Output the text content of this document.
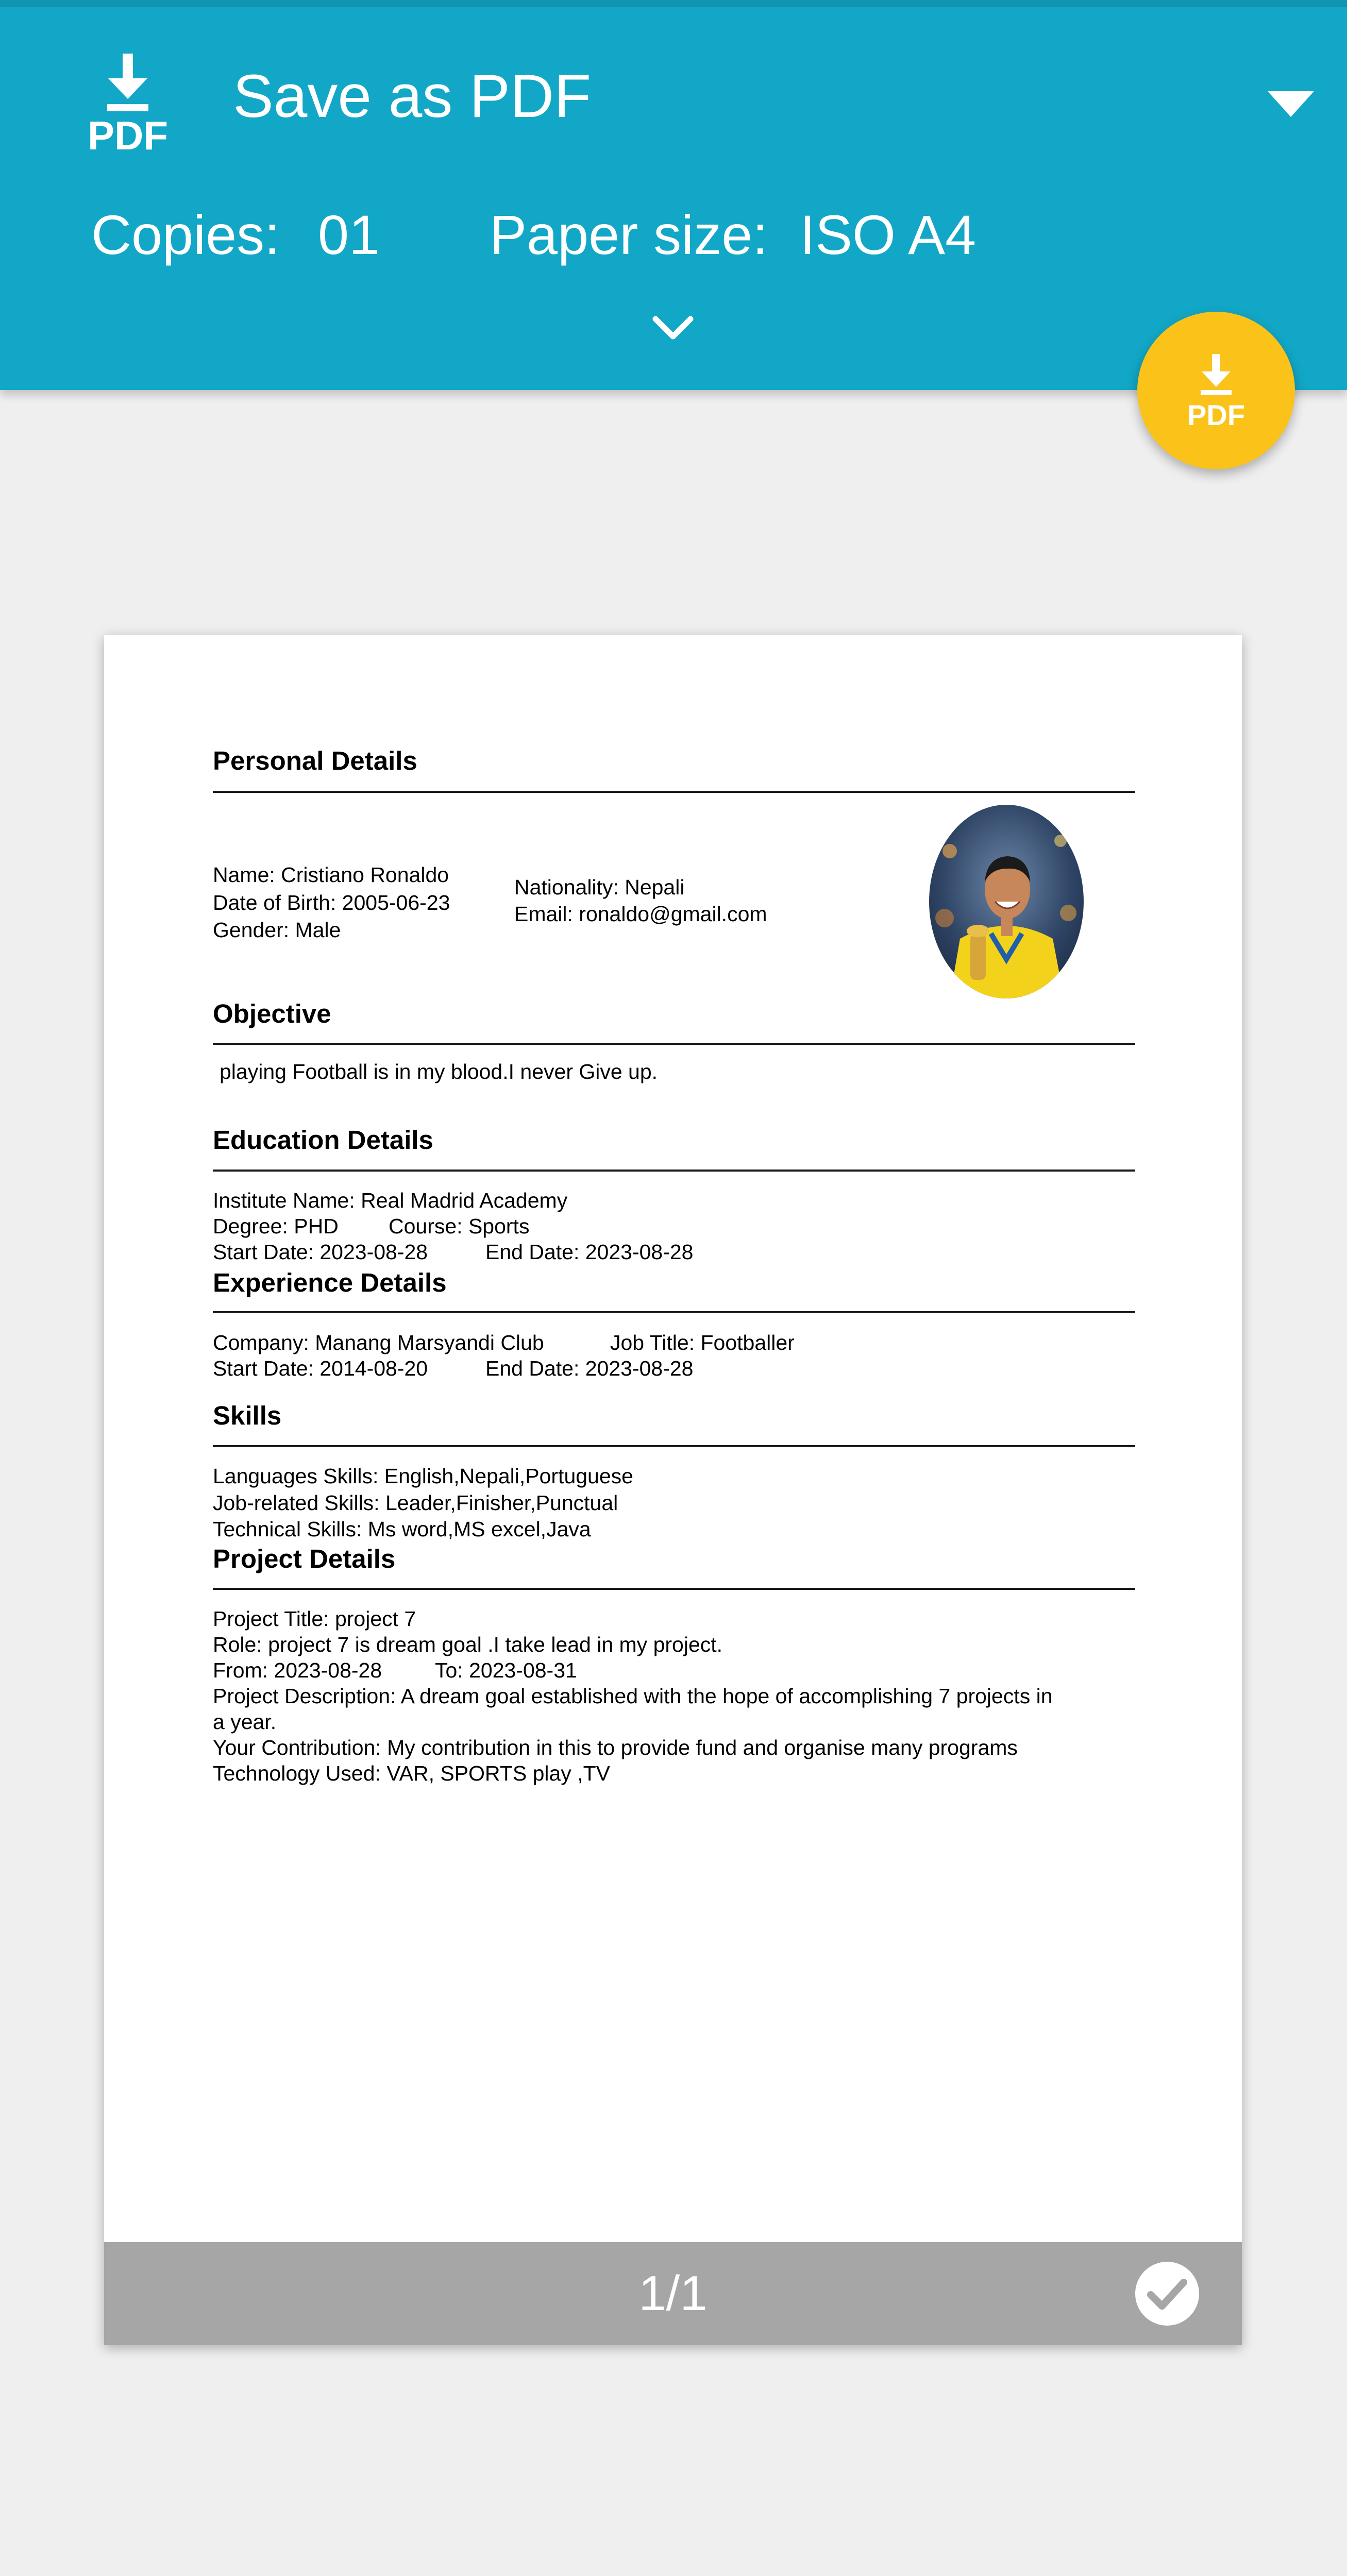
PDF
Save as PDF
Copies: 01 Paper size: ISO A4
PDF
Personal Details
Name: Cristiano Ronaldo
Date of Birth: 2005-06-23
Gender: Male
Nationality: Nepali
Email: ronaldo@gmail.com
Objective
playing Football is in my blood.I never Give up.
Education Details
Institute Name: Real Madrid Academy
Degree: PHD Course: Sports
Start Date: 2023-08-28	End Date: 2023-08-28
Experience Details
Company: Manang Marsyandi Club	Job Title: Footballer
Start Date: 2014-08-20	End Date: 2023-08-28
Skills
Languages Skills: English,Nepali,Portuguese
Job-related Skills: Leader,Finisher,Punctual
Technical Skills: Ms word,MS excel,Java
Project Details
Project Title: project 7
Role: project 7 is dream goal .I take lead in my project.
From: 2023-08-28	To: 2023-08-31
Project Description: A dream goal established with the hope of accomplishing 7 projects in
a year.
Your Contribution: My contribution in this to provide fund and organise many programs
Technology Used: VAR, SPORTS play ,TV
1/1
